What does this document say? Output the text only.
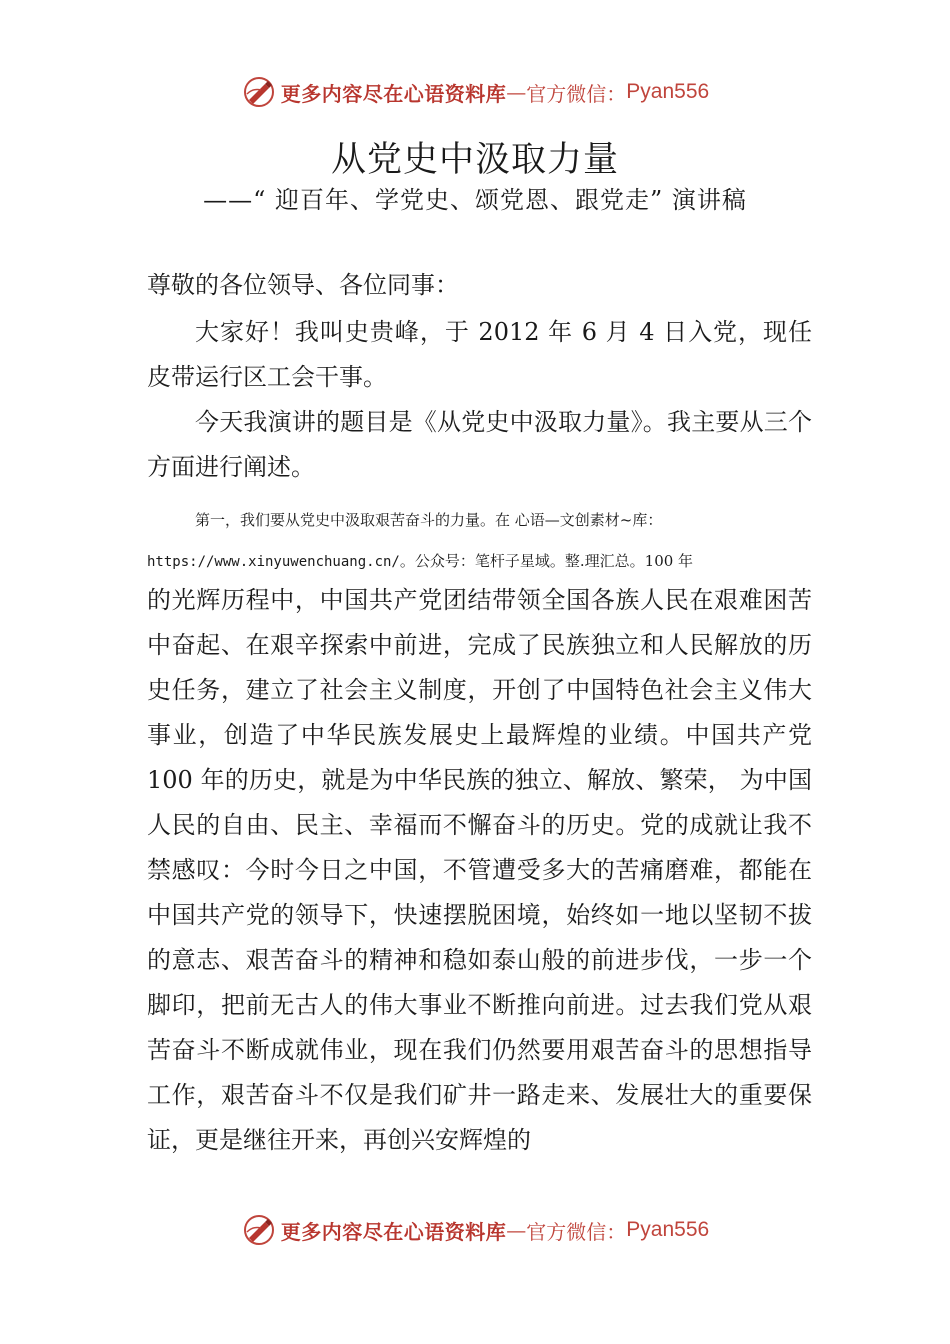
更多内容尽在心语资料库 — 官方微信： Pyan556
从党史中汲取力量

——“ 迎百年、学党史、颂党恩、跟党走” 演讲稿

尊敬的各位领导、各位同事：

大家好！我叫史贵峰，于 2012 年 6 月 4 日入党，现任皮带运行区工会干事。

今天我演讲的题目是《从党史中汲取力量》。我主要从三个方面进行阐述。

第一，我们要从党史中汲取艰苦奋斗的力量。在 心语—文创素材~库：

https://www.xinyuwenchuang.cn/。公众号：笔杆子星域。整.理汇总。100 年

的光辉历程中，中国共产党团结带领全国各族人民在艰难困苦中奋起、在艰辛探索中前进，完成了民族独立和人民解放的历史任务，建立了社会主义制度，开创了中国特色社会主义伟大事业，创造了中华民族发展史上最辉煌的业绩。中国共产党 100 年的历史，就是为中华民族的独立、解放、繁荣， 为中国人民的自由、民主、幸福而不懈奋斗的历史。党的成就让我不禁感叹：今时今日之中国，不管遭受多大的苦痛磨难，都能在中国共产党的领导下，快速摆脱困境，始终如一地以坚韧不拔的意志、艰苦奋斗的精神和稳如泰山般的前进步伐，一步一个脚印，把前无古人的伟大事业不断推向前进。过去我们党从艰苦奋斗不断成就伟业，现在我们仍然要用艰苦奋斗的思想指导工作，艰苦奋斗不仅是我们矿井一路走来、发展壮大的重要保证，更是继往开来，再创兴安辉煌的

更多内容尽在心语资料库 — 官方微信： Pyan556
